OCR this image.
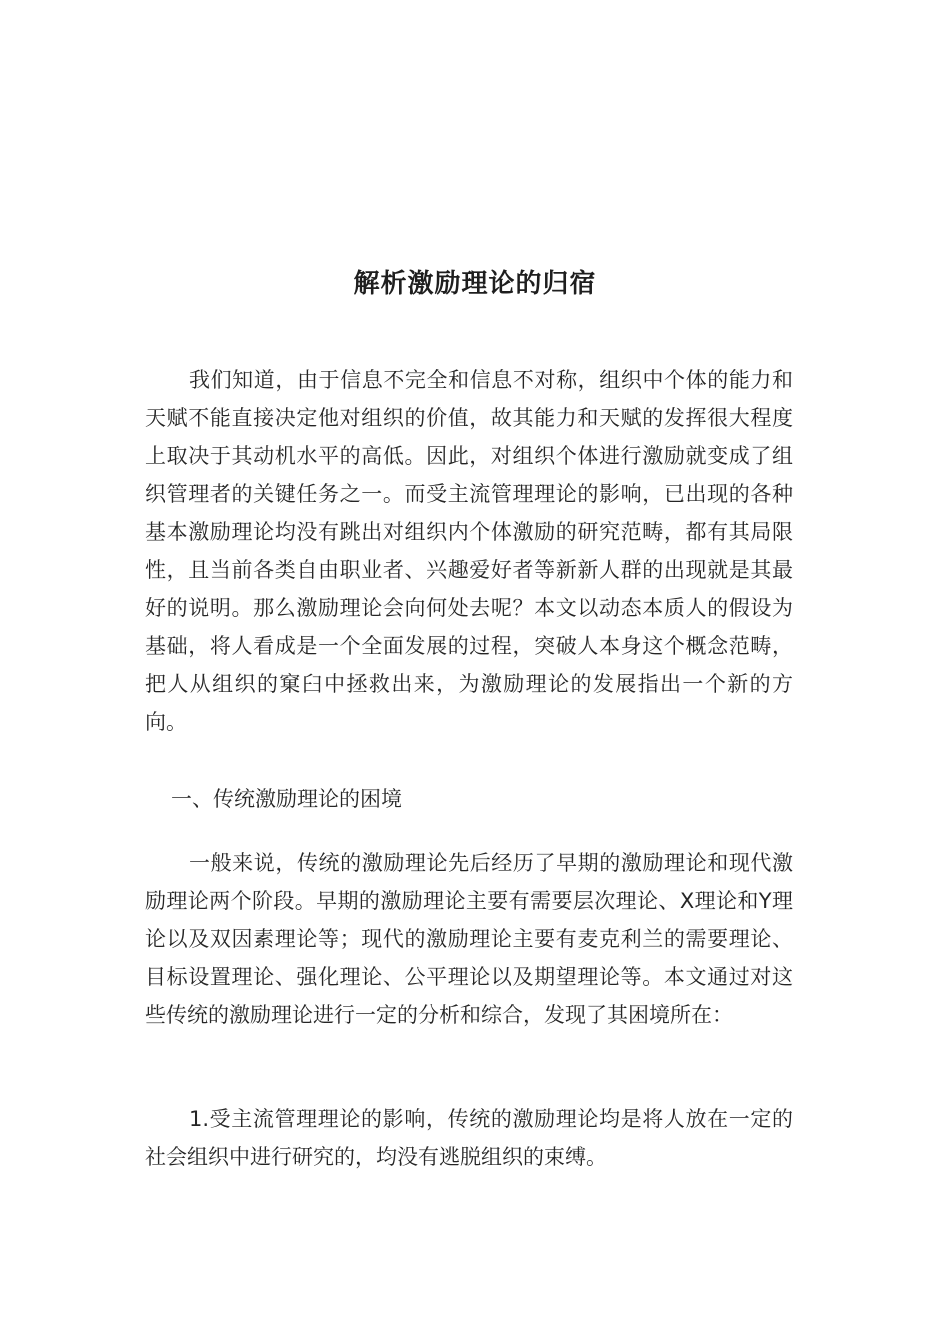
解析激励理论的归宿

我们知道，由于信息不完全和信息不对称，组织中个体的能力和天赋不能直接决定他对组织的价值，故其能力和天赋的发挥很大程度上取决于其动机水平的高低。因此，对组织个体进行激励就变成了组织管理者的关键任务之一。而受主流管理理论的影响，已出现的各种基本激励理论均没有跳出对组织内个体激励的研究范畴，都有其局限性，且当前各类自由职业者、兴趣爱好者等新新人群的出现就是其最好的说明。那么激励理论会向何处去呢？本文以动态本质人的假设为基础，将人看成是一个全面发展的过程，突破人本身这个概念范畴，把人从组织的窠臼中拯救出来，为激励理论的发展指出一个新的方向。

一、传统激励理论的困境

一般来说，传统的激励理论先后经历了早期的激励理论和现代激励理论两个阶段。早期的激励理论主要有需要层次理论、X理论和Y理论以及双因素理论等；现代的激励理论主要有麦克利兰的需要理论、目标设置理论、强化理论、公平理论以及期望理论等。本文通过对这些传统的激励理论进行一定的分析和综合，发现了其困境所在：

1.受主流管理理论的影响，传统的激励理论均是将人放在一定的社会组织中进行研究的，均没有逃脱组织的束缚。
